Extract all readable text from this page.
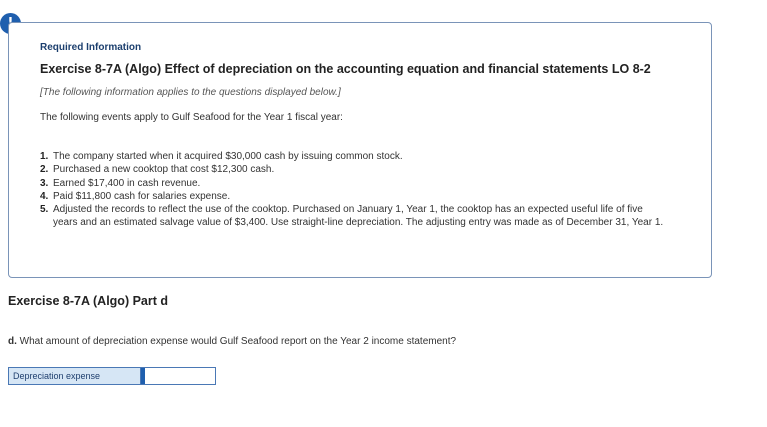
Required Information
Exercise 8-7A (Algo) Effect of depreciation on the accounting equation and financial statements LO 8-2
[The following information applies to the questions displayed below.]
The following events apply to Gulf Seafood for the Year 1 fiscal year:
1. The company started when it acquired $30,000 cash by issuing common stock.
2. Purchased a new cooktop that cost $12,300 cash.
3. Earned $17,400 in cash revenue.
4. Paid $11,800 cash for salaries expense.
5. Adjusted the records to reflect the use of the cooktop. Purchased on January 1, Year 1, the cooktop has an expected useful life of five years and an estimated salvage value of $3,400. Use straight-line depreciation. The adjusting entry was made as of December 31, Year 1.
Exercise 8-7A (Algo) Part d
d. What amount of depreciation expense would Gulf Seafood report on the Year 2 income statement?
Depreciation expense
